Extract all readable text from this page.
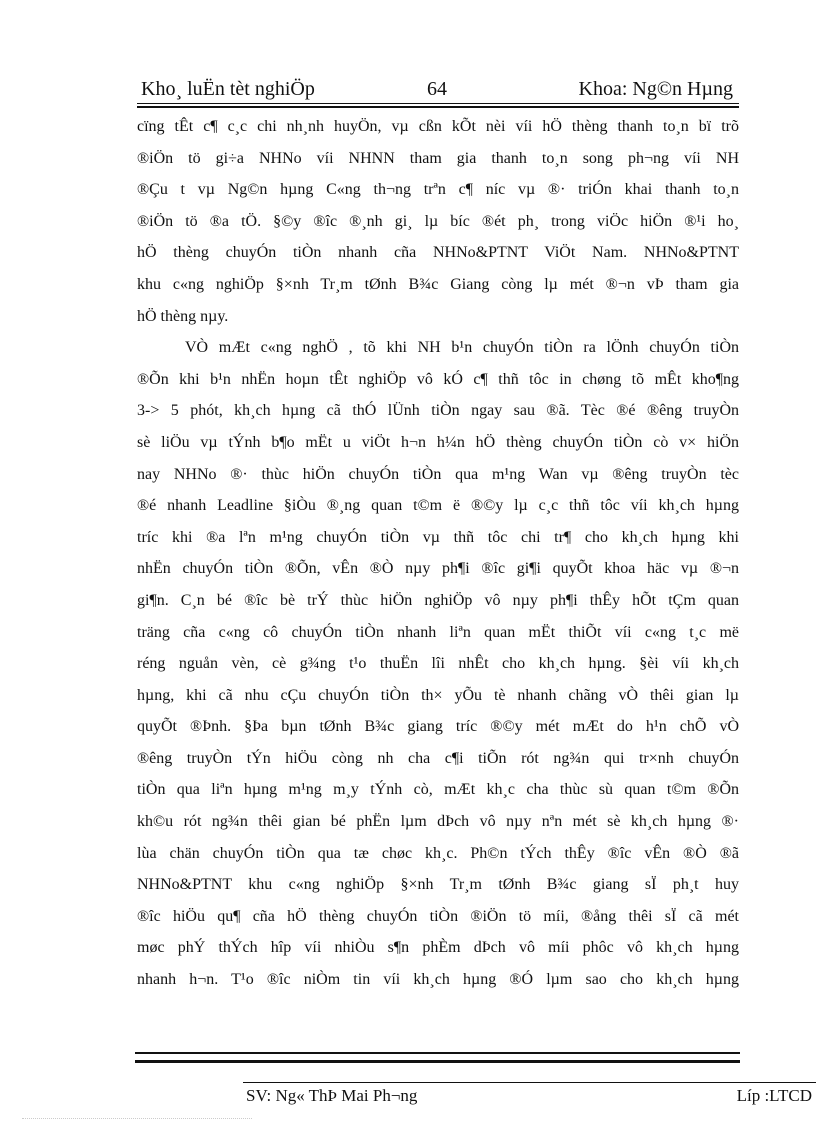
Kho¸ luËn tèt nghiÖp	64	Khoa: Ng©n Hµng
cïng tÊt c¶ c¸c chi nh¸nh huyÖn, vµ cßn kÕt nèi víi hÖ thèng thanh to¸n bï trõ
®iÖn tö gi÷a NHNo víi NHNN tham gia thanh to¸n song ph¬ng víi NH
®Çu t vµ Ng©n hµng C«ng th¬ng trªn c¶ níc vµ ®· triÓn khai thanh to¸n
®iÖn tö ®a tÖ. §©y ®îc ®¸nh gi¸ lµ bíc ®ét ph¸ trong viÖc hiÖn ®¹i ho¸
hÖ thèng chuyÓn tiÒn nhanh cña NHNo&PTNT ViÖt Nam. NHNo&PTNT
khu c«ng nghiÖp §×nh Tr¸m tØnh B¾c Giang còng lµ mét ®¬n vÞ tham gia
hÖ thèng nµy.
VÒ mÆt c«ng nghÖ , tõ khi NH b¹n chuyÓn tiÒn ra lÖnh chuyÓn tiÒn
®Õn khi b¹n nhËn hoµn tÊt nghiÖp vô kÓ c¶ thñ tôc in chøng tõ mÊt kho¶ng
3-> 5 phót, kh¸ch hµng cã thÓ lÜnh tiÒn ngay sau ®ã. Tèc ®é ®êng truyÒn
sè liÖu vµ tÝnh b¶o mËt u viÖt h¬n h¼n hÖ thèng chuyÓn tiÒn cò v× hiÖn
nay NHNo ®· thùc hiÖn chuyÓn tiÒn qua m¹ng Wan vµ ®êng truyÒn tèc
®é nhanh Leadline §iÒu ®¸ng quan t©m ë ®©y lµ c¸c thñ tôc víi kh¸ch hµng
tríc khi ®a lªn m¹ng chuyÓn tiÒn vµ thñ tôc chi tr¶ cho kh¸ch hµng khi
nhËn chuyÓn tiÒn ®Õn, vÊn ®Ò nµy ph¶i ®îc gi¶i quyÕt khoa häc vµ ®¬n
gi¶n. C¸n bé ®îc bè trÝ thùc hiÖn nghiÖp vô nµy ph¶i thÊy hÕt tÇm quan
träng cña c«ng cô chuyÓn tiÒn nhanh liªn quan mËt thiÕt víi c«ng t¸c më
réng nguån vèn, cè g¾ng t¹o thuËn lîi nhÊt cho kh¸ch hµng. §èi víi kh¸ch
hµng, khi cã nhu cÇu chuyÓn tiÒn th× yÕu tè nhanh chãng vÒ thêi gian lµ
quyÕt ®Þnh. §Þa bµn tØnh B¾c giang tríc ®©y mét mÆt do h¹n chÕ vÒ
®êng truyÒn tÝn hiÖu còng nh cha c¶i tiÕn rót ng¾n qui tr×nh chuyÓn
tiÒn qua liªn hµng m¹ng m¸y tÝnh cò, mÆt kh¸c cha thùc sù quan t©m ®Õn
kh©u rót ng¾n thêi gian bé phËn lµm dÞch vô nµy nªn mét sè kh¸ch hµng ®·
lùa chän chuyÓn tiÒn qua tæ chøc kh¸c. Ph©n tÝch thÊy ®îc vÊn ®Ò ®ã
NHNo&PTNT khu c«ng nghiÖp §×nh Tr¸m tØnh B¾c giang sÏ ph¸t huy
®îc hiÖu qu¶ cña hÖ thèng chuyÓn tiÒn ®iÖn tö míi, ®ång thêi sÏ cã mét
møc phÝ thÝch hîp víi nhiÒu s¶n phÈm dÞch vô míi phôc vô kh¸ch hµng
nhanh h¬n. T¹o ®îc niÒm tin víi kh¸ch hµng ®Ó lµm sao cho kh¸ch hµng
SV: Ng« ThÞ Mai Ph¬ng	Líp :LTCD
